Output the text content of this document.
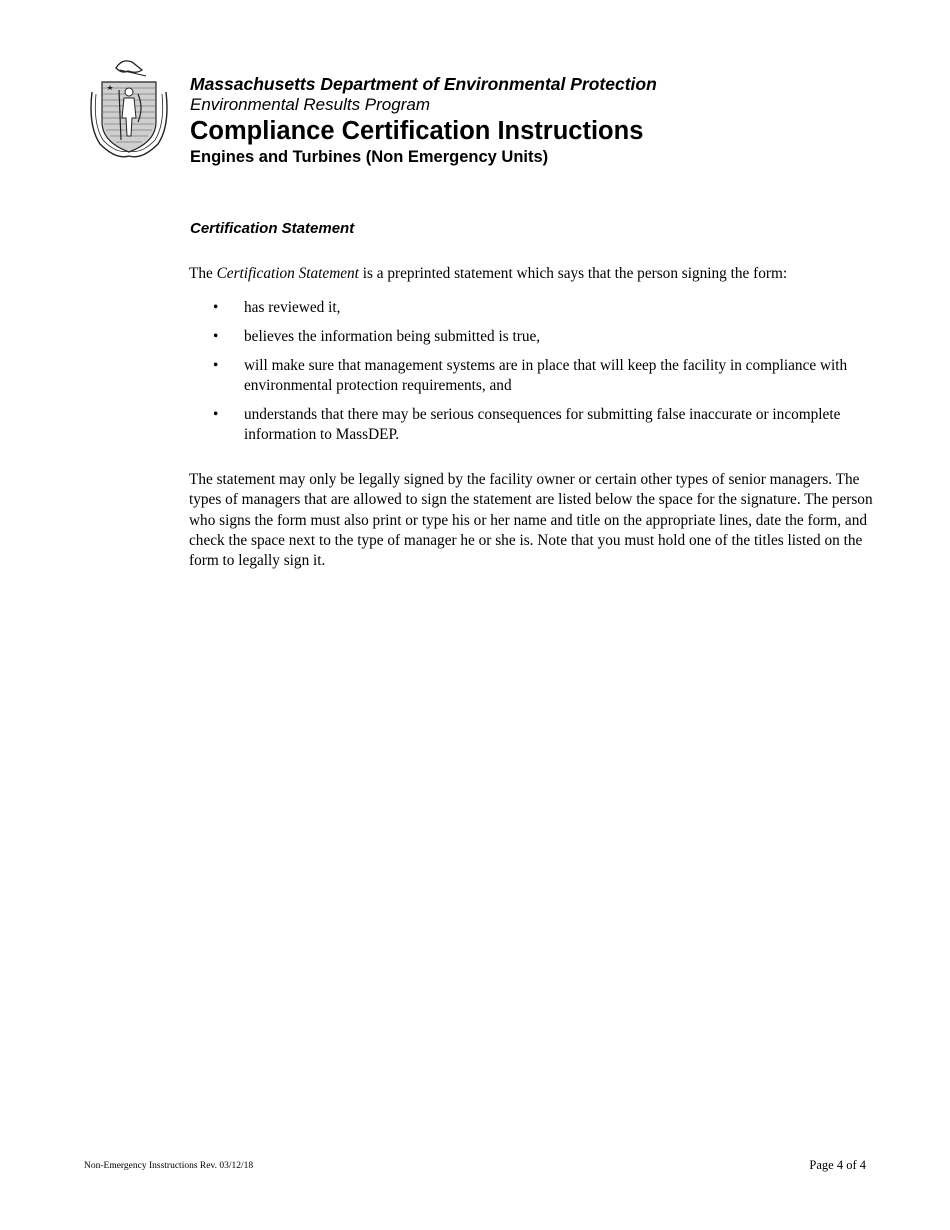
Massachusetts Department of Environmental Protection
Environmental Results Program
Compliance Certification Instructions
Engines and Turbines (Non Emergency Units)
Certification Statement
The Certification Statement is a preprinted statement which says that the person signing the form:
• has reviewed it,
• believes the information being submitted is true,
• will make sure that management systems are in place that will keep the facility in compliance with environmental protection requirements, and
• understands that there may be serious consequences for submitting false inaccurate or incomplete information to MassDEP.
The statement may only be legally signed by the facility owner or certain other types of senior managers. The types of managers that are allowed to sign the statement are listed below the space for the signature. The person who signs the form must also print or type his or her name and title on the appropriate lines, date the form, and check the space next to the type of manager he or she is. Note that you must hold one of the titles listed on the form to legally sign it.
Non-Emergency Insstructions Rev. 03/12/18	Page 4 of 4
